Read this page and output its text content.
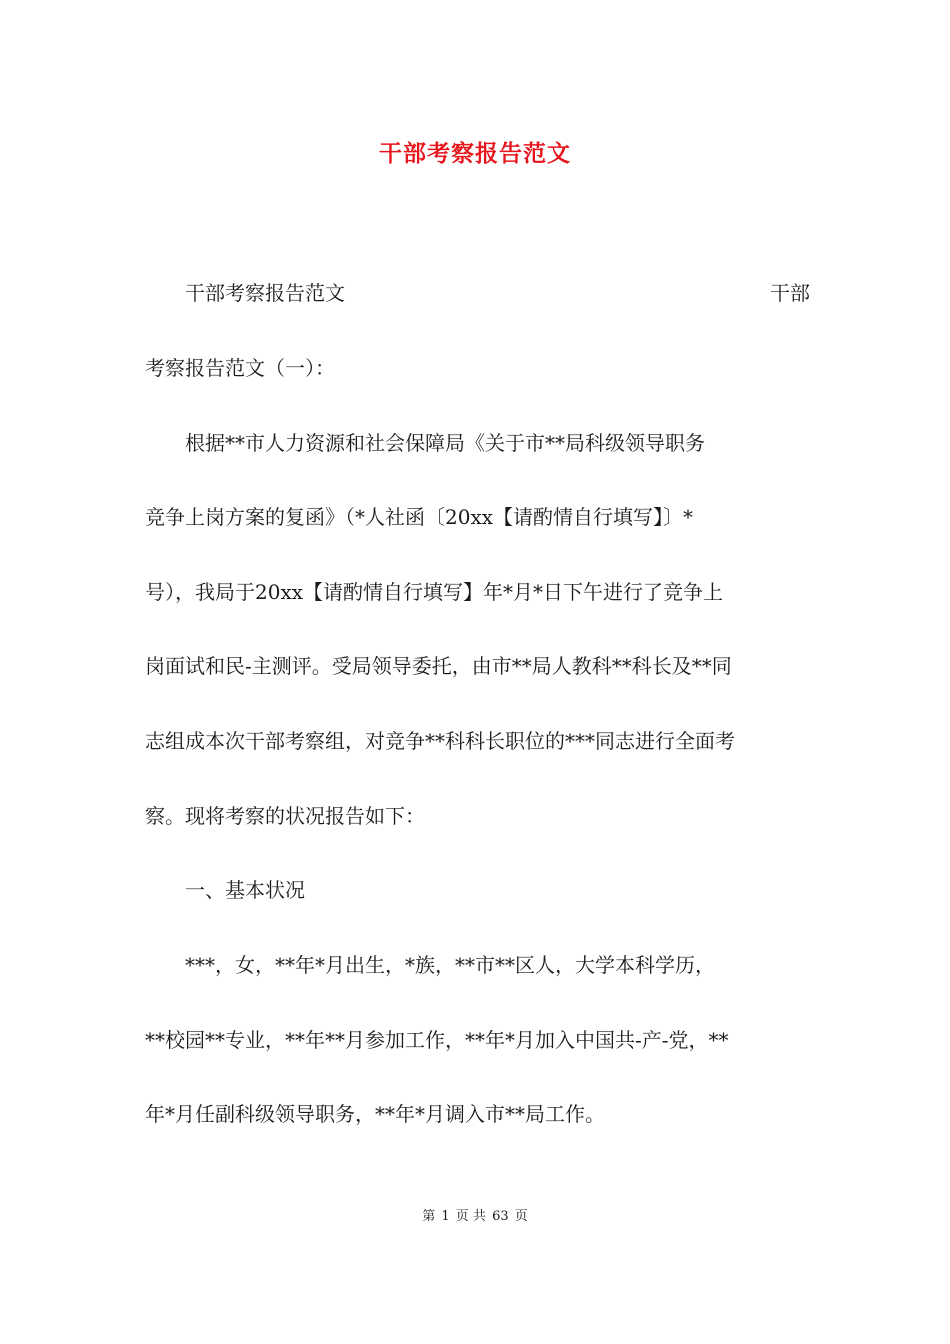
干部考察报告范文
　　干部考察报告范文	干部
考察报告范文（一）：
　　根据**市人力资源和社会保障局《关于市**局科级领导职务
竞争上岗方案的复函》（*人社函〔20xx【请酌情自行填写】〕*
号），我局于20xx【请酌情自行填写】年*月*日下午进行了竞争上
岗面试和民-主测评。受局领导委托，由市**局人教科**科长及**同
志组成本次干部考察组，对竞争**科科长职位的***同志进行全面考
察。现将考察的状况报告如下：
　　一、基本状况
　　***，女，**年*月出生，*族，**市**区人，大学本科学历，
**校园**专业，**年**月参加工作，**年*月加入中国共-产-党，**
年*月任副科级领导职务，**年*月调入市**局工作。
第 1 页 共 63 页
